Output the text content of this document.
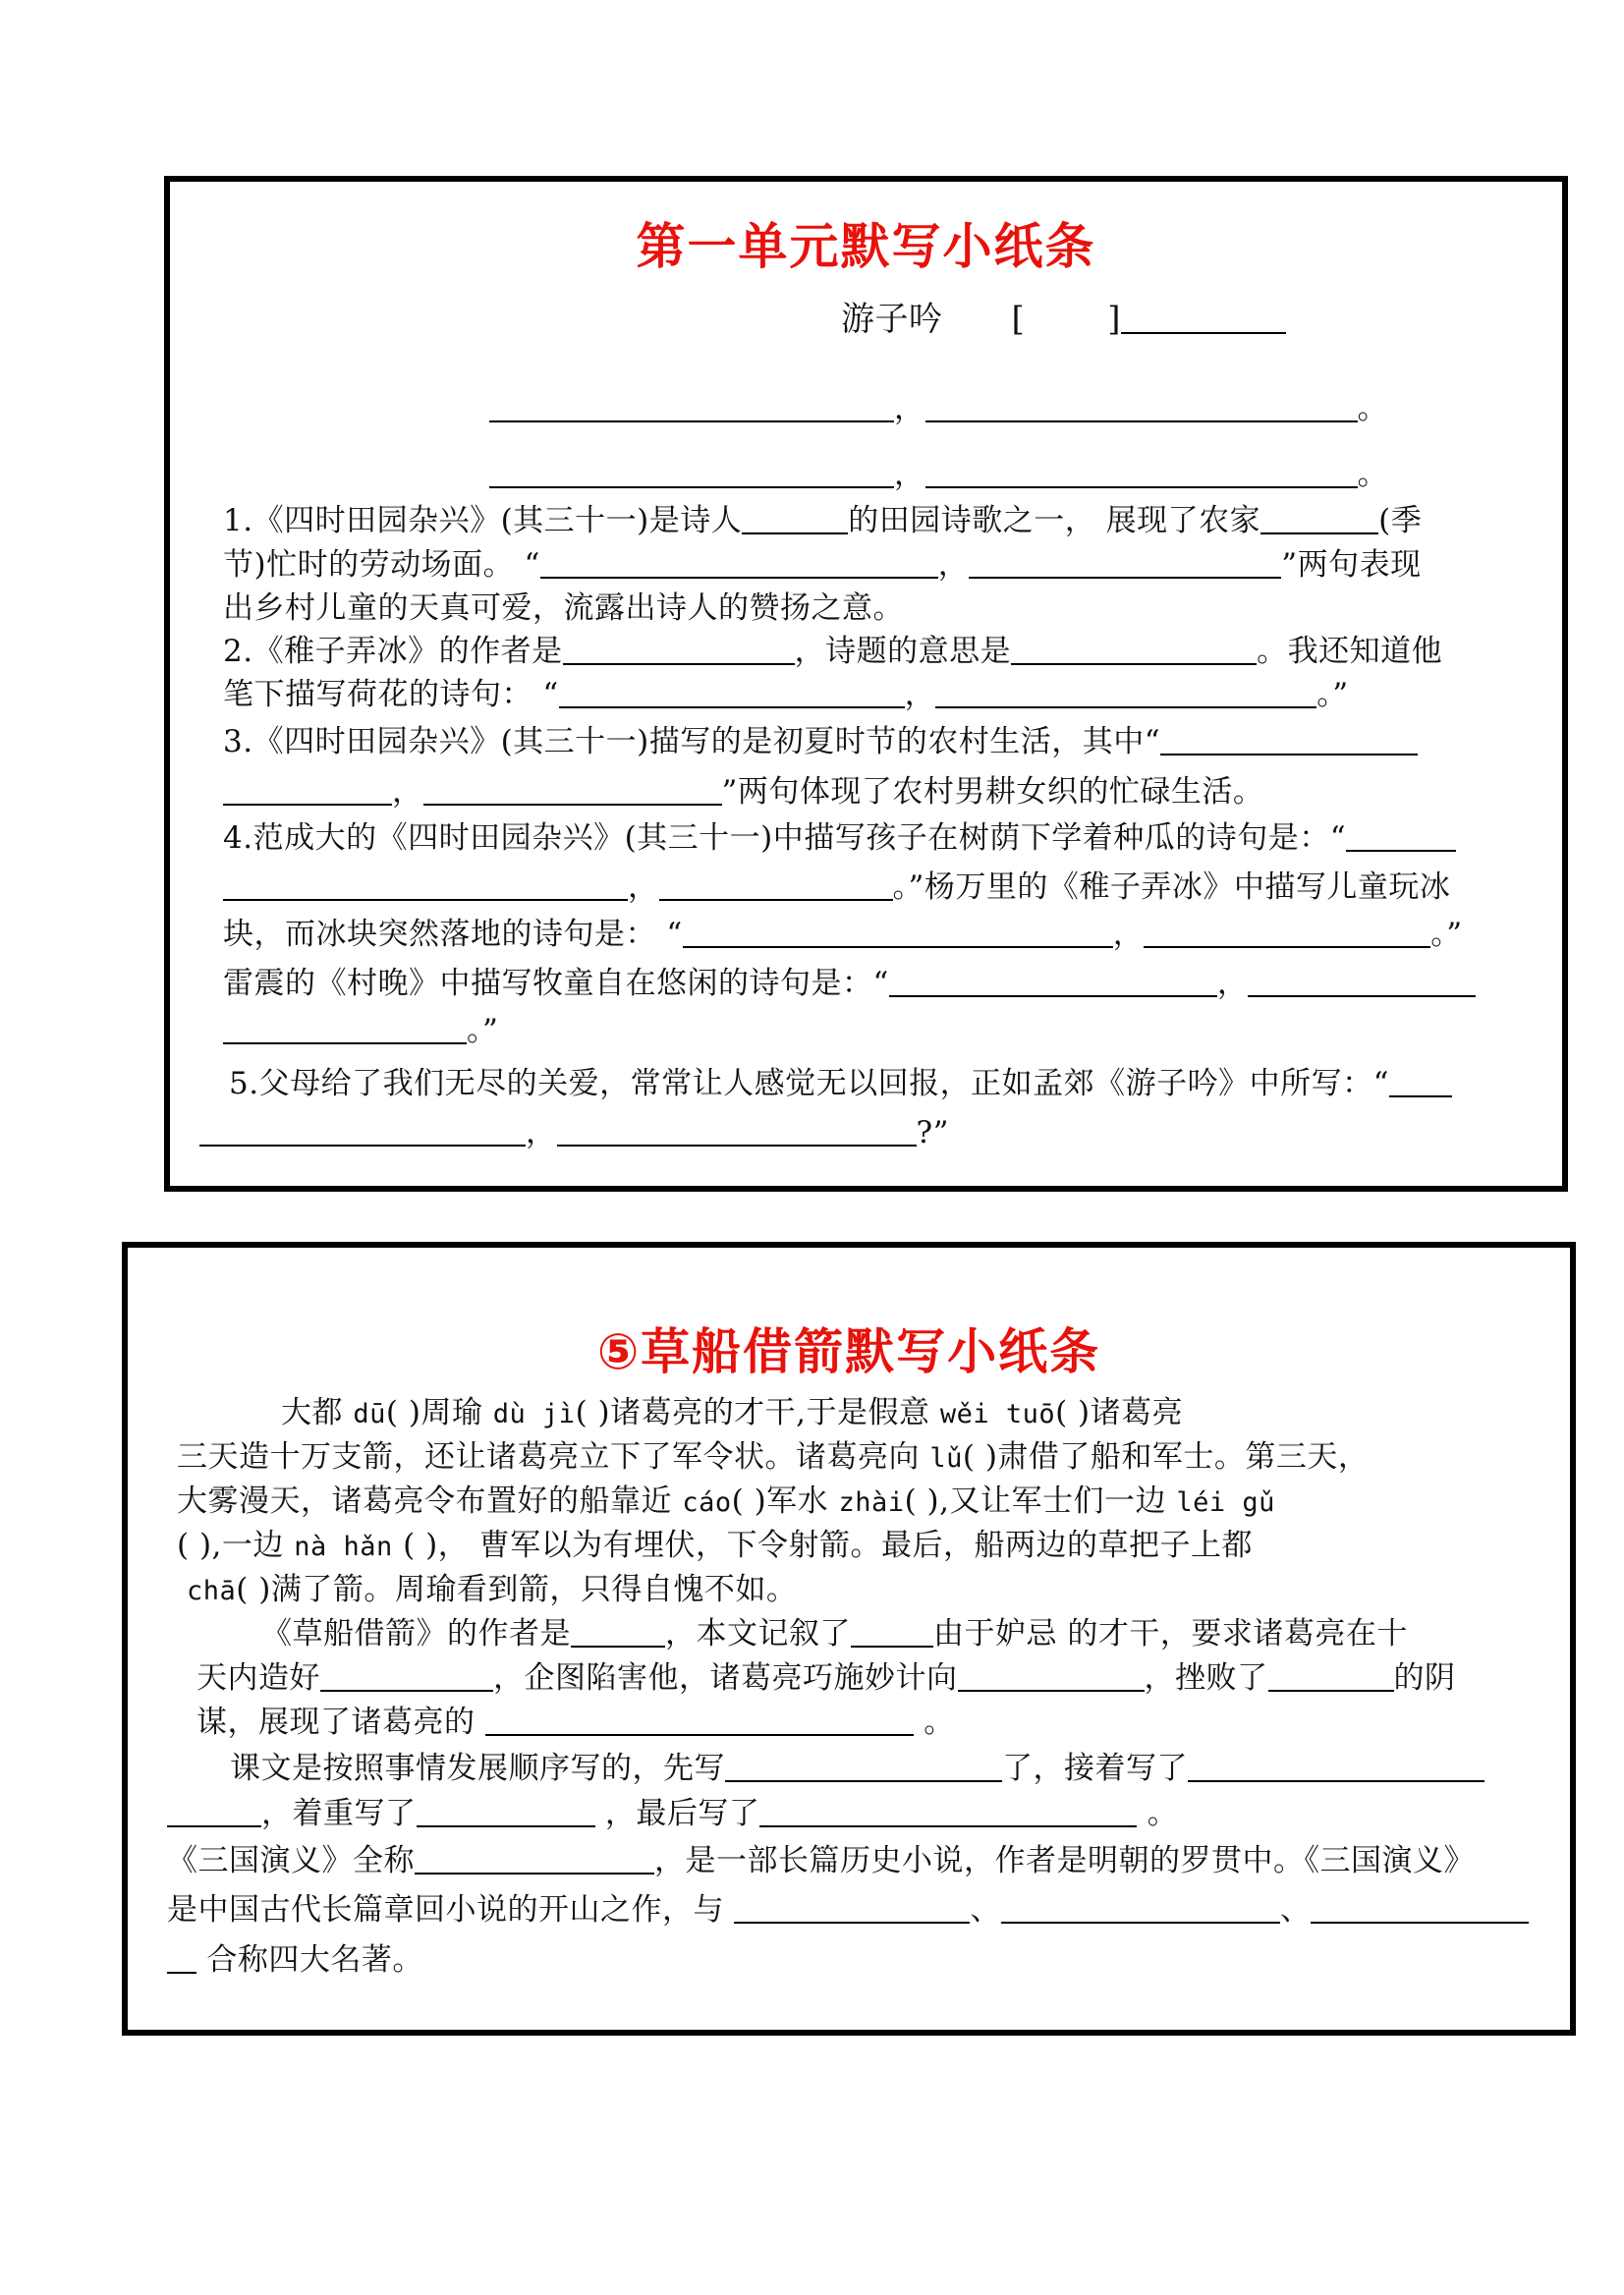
第一单元默写小纸条
游子吟 [ ]
，	。
，	。
1.《四时田园杂兴》(其三十一)是诗人	的田园诗歌之一， 展现了农家	(季
节)忙时的劳动场面。 “	，	”两句表现
出乡村儿童的天真可爱，流露出诗人的赞扬之意。
2.《稚子弄冰》的作者是	，诗题的意思是	。我还知道他
笔下描写荷花的诗句： “	，	。”
3.《四时田园杂兴》(其三十一)描写的是初夏时节的农村生活，其中“
，	”两句体现了农村男耕女织的忙碌生活。
4.范成大的《四时田园杂兴》(其三十一)中描写孩子在树荫下学着种瓜的诗句是：“
，	。”杨万里的《稚子弄冰》中描写儿童玩冰
块，而冰块突然落地的诗句是： “	，	。”
雷震的《村晚》中描写牧童自在悠闲的诗句是：“	，
。”
5.父母给了我们无尽的关爱，常常让人感觉无以回报，正如孟郊《游子吟》中所写：“
，	?”
⑤草船借箭默写小纸条
大都 dū( )周瑜 dù jì( )诸葛亮的才干,于是假意 wěi tuō( )诸葛亮
三天造十万支箭，还让诸葛亮立下了军令状。诸葛亮向 lǔ( )肃借了船和军士。第三天，
大雾漫天，诸葛亮令布置好的船靠近 cáo( )军水 zhài( ),又让军士们一边 léi gǔ
( ),一边 nà hǎn ( )， 曹军以为有埋伏，下令射箭。最后，船两边的草把子上都
chā( )满了箭。周瑜看到箭，只得自愧不如。
《草船借箭》的作者是	，本文记叙了	由于妒忌 的才干，要求诸葛亮在十
天内造好	，企图陷害他，诸葛亮巧施妙计向	，挫败了	的阴
谋，展现了诸葛亮的	。
课文是按照事情发展顺序写的，先写	了，接着写了
，着重写了	，最后写了	。
《三国演义》全称	，是一部长篇历史小说，作者是明朝的罗贯中。《三国演义》
是中国古代长篇章回小说的开山之作，与	、	、
合称四大名著。
